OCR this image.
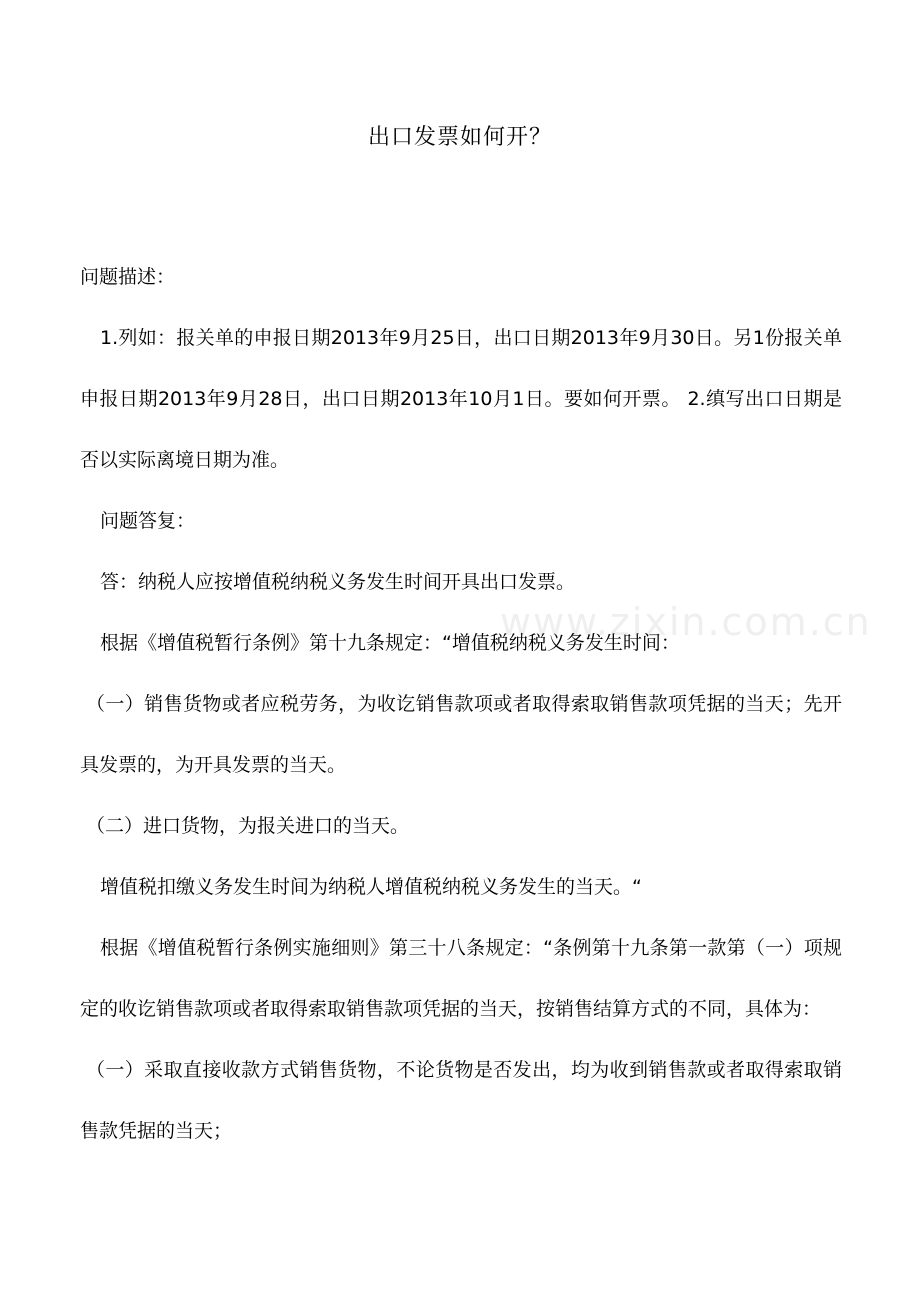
www.zixin.com.cn
出口发票如何开？

问题描述：

1.列如：报关单的申报日期2013年9月25日，出口日期2013年9月30日。另1份报关单申报日期2013年9月28日，出口日期2013年10月1日。要如何开票。 2.缜写出口日期是否以实际离境日期为准。

问题答复：

答：纳税人应按增值税纳税义务发生时间开具出口发票。

根据《增值税暂行条例》第十九条规定：“增值税纳税义务发生时间：

（一）销售货物或者应税劳务，为收讫销售款项或者取得索取销售款项凭据的当天；先开具发票的，为开具发票的当天。

（二）进口货物，为报关进口的当天。

增值税扣缴义务发生时间为纳税人增值税纳税义务发生的当天。“

根据《增值税暂行条例实施细则》第三十八条规定：“条例第十九条第一款第（一）项规定的收讫销售款项或者取得索取销售款项凭据的当天，按销售结算方式的不同，具体为：

（一）采取直接收款方式销售货物，不论货物是否发出，均为收到销售款或者取得索取销售款凭据的当天；
